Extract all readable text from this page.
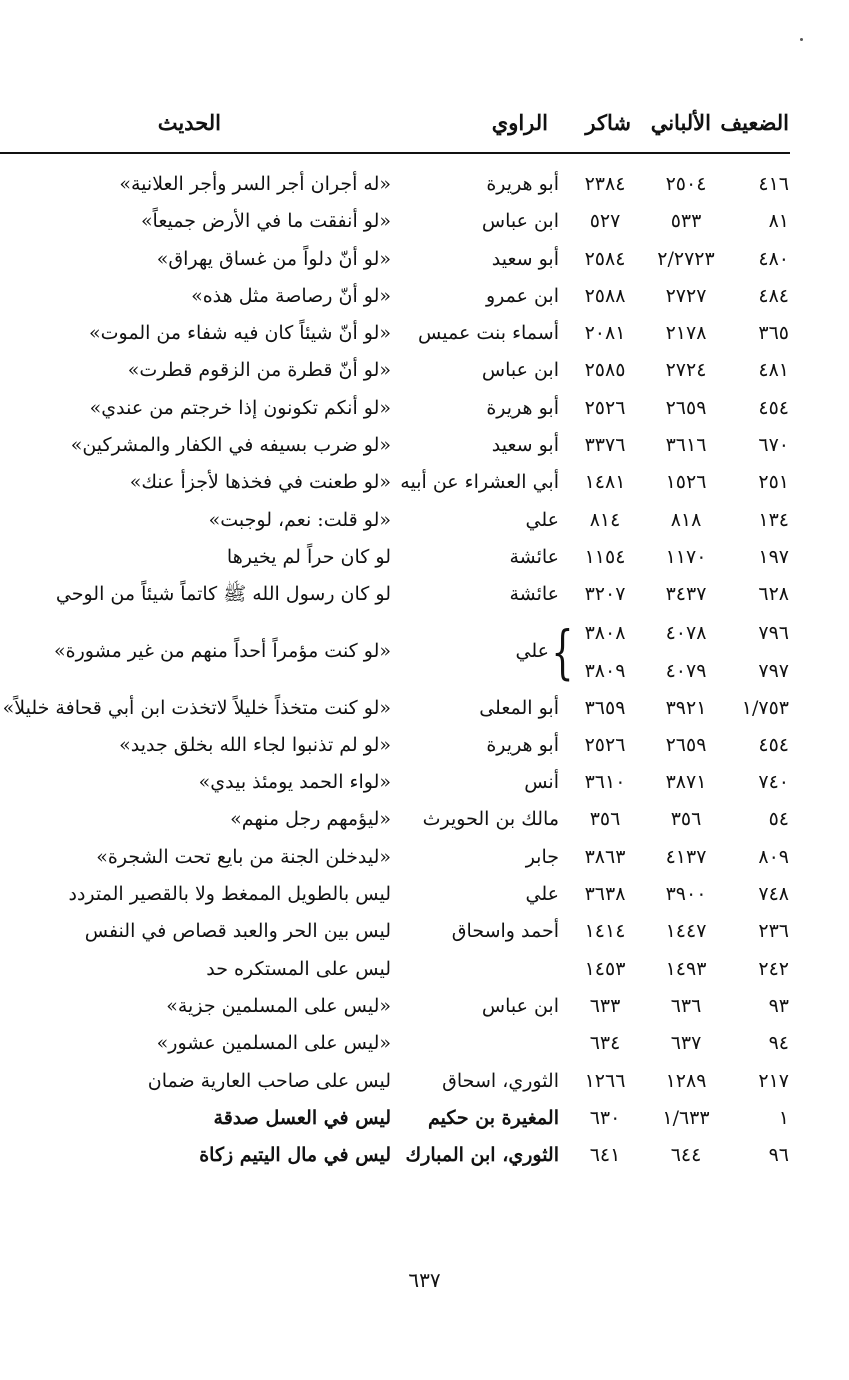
الضعيف
الألباني
شاكر
الراوي
الحديث
٤١٦
٢٥٠٤
٢٣٨٤
أبو هريرة
«له أجران أجر السر وأجر العلانية»
٨١
٥٣٣
٥٢٧
ابن عباس
«لو أنفقت ما في الأرض جميعاً»
٤٨٠
٢/٢٧٢٣
٢٥٨٤
أبو سعيد
«لو أنّ دلواً من غساق يهراق»
٤٨٤
٢٧٢٧
٢٥٨٨
ابن عمرو
«لو أنّ رصاصة مثل هذه»
٣٦٥
٢١٧٨
٢٠٨١
أسماء بنت عميس
«لو أنّ شيئاً كان فيه شفاء من الموت»
٤٨١
٢٧٢٤
٢٥٨٥
ابن عباس
«لو أنّ قطرة من الزقوم قطرت»
٤٥٤
٢٦٥٩
٢٥٢٦
أبو هريرة
«لو أنكم تكونون إذا خرجتم من عندي»
٦٧٠
٣٦١٦
٣٣٧٦
أبو سعيد
«لو ضرب بسيفه في الكفار والمشركين»
٢٥١
١٥٢٦
١٤٨١
أبي العشراء عن أبيه
«لو طعنت في فخذها لأجزأ عنك»
١٣٤
٨١٨
٨١٤
علي
«لو قلت: نعم، لوجبت»
١٩٧
١١٧٠
١١٥٤
عائشة
لو كان حراً لم يخيرها
٦٢٨
٣٤٣٧
٣٢٠٧
عائشة
لو كان رسول الله ﷺ كاتماً شيئاً من الوحي
٧٩٦
٧٩٧
٤٠٧٨
٤٠٧٩
٣٨٠٨
٣٨٠٩
}
علي
«لو كنت مؤمراً أحداً منهم من غير مشورة»
١/٧٥٣
٣٩٢١
٣٦٥٩
أبو المعلى
«لو كنت متخذاً خليلاً لاتخذت ابن أبي قحافة خليلاً»
٤٥٤
٢٦٥٩
٢٥٢٦
أبو هريرة
«لو لم تذنبوا لجاء الله بخلق جديد»
٧٤٠
٣٨٧١
٣٦١٠
أنس
«لواء الحمد يومئذ بيدي»
٥٤
٣٥٦
٣٥٦
مالك بن الحويرث
«ليؤمهم رجل منهم»
٨٠٩
٤١٣٧
٣٨٦٣
جابر
«ليدخلن الجنة من بايع تحت الشجرة»
٧٤٨
٣٩٠٠
٣٦٣٨
علي
ليس بالطويل الممغط ولا بالقصير المتردد
٢٣٦
١٤٤٧
١٤١٤
أحمد واسحاق
ليس بين الحر والعبد قصاص في النفس
٢٤٢
١٤٩٣
١٤٥٣
ليس على المستكره حد
٩٣
٦٣٦
٦٣٣
ابن عباس
«ليس على المسلمين جزية»
٩٤
٦٣٧
٦٣٤
«ليس على المسلمين عشور»
٢١٧
١٢٨٩
١٢٦٦
الثوري، اسحاق
ليس على صاحب العارية ضمان
١
١/٦٣٣
٦٣٠
المغيرة بن حكيم
ليس في العسل صدقة
٩٦
٦٤٤
٦٤١
الثوري، ابن المبارك
ليس في مال اليتيم زكاة
٦٣٧
